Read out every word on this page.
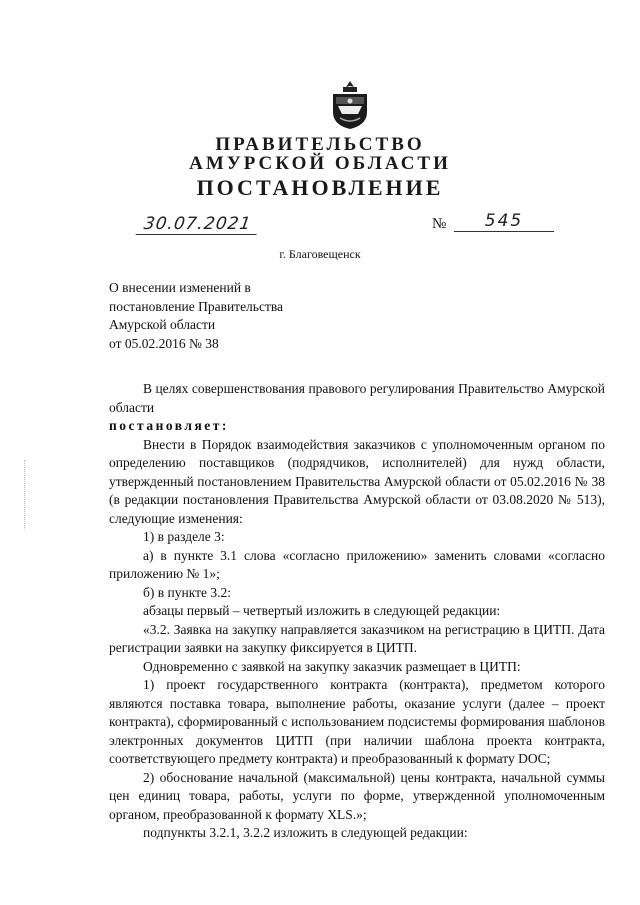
ПРАВИТЕЛЬСТВО
АМУРСКОЙ ОБЛАСТИ
ПОСТАНОВЛЕНИЕ
30.07.2021	№	545
г. Благовещенск
О внесении изменений в
постановление Правительства
Амурской области
от 05.02.2016 № 38

В целях совершенствования правового регулирования Правительство Амурской области

постановляет:

Внести в Порядок взаимодействия заказчиков с уполномоченным органом по определению поставщиков (подрядчиков, исполнителей) для нужд области, утвержденный постановлением Правительства Амурской области от 05.02.2016 № 38 (в редакции постановления Правительства Амурской области от 03.08.2020 № 513), следующие изменения:

1) в разделе 3:

а) в пункте 3.1 слова «согласно приложению» заменить словами «согласно приложению № 1»;

б) в пункте 3.2:

абзацы первый – четвертый изложить в следующей редакции:

«3.2. Заявка на закупку направляется заказчиком на регистрацию в ЦИТП. Дата регистрации заявки на закупку фиксируется в ЦИТП.

Одновременно с заявкой на закупку заказчик размещает в ЦИТП:

1) проект государственного контракта (контракта), предметом которого являются поставка товара, выполнение работы, оказание услуги (далее – проект контракта), сформированный с использованием подсистемы формирования шаблонов электронных документов ЦИТП (при наличии шаблона проекта контракта, соответствующего предмету контракта) и преобразованный к формату DOC;

2) обоснование начальной (максимальной) цены контракта, начальной суммы цен единиц товара, работы, услуги по форме, утвержденной уполномоченным органом, преобразованной к формату XLS.»;

подпункты 3.2.1, 3.2.2 изложить в следующей редакции:
